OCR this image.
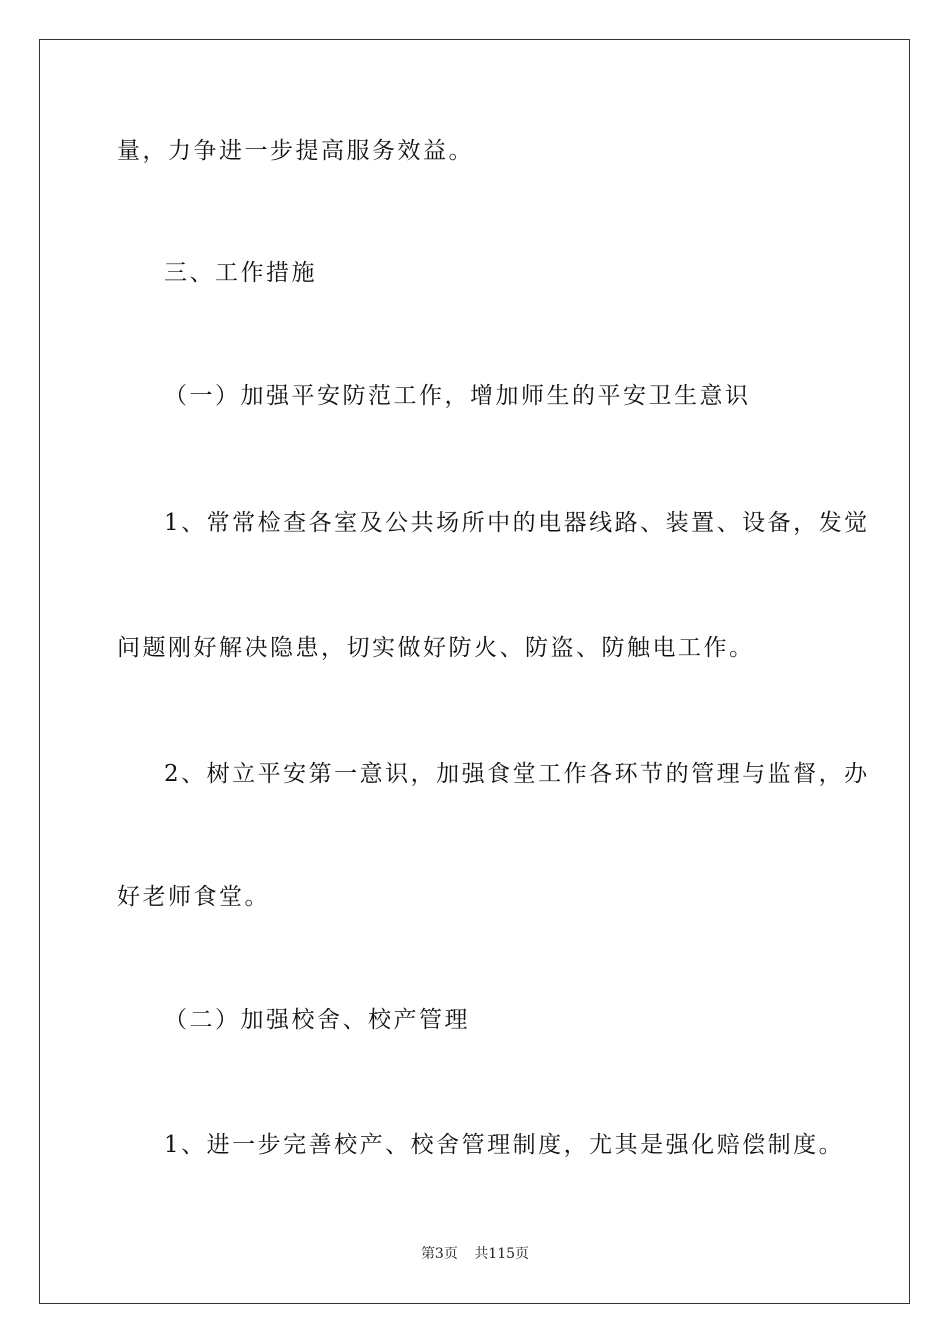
量，力争进一步提高服务效益。
三、工作措施
（一）加强平安防范工作，增加师生的平安卫生意识
1、常常检查各室及公共场所中的电器线路、装置、设备，发觉
问题刚好解决隐患，切实做好防火、防盗、防触电工作。
2、树立平安第一意识，加强食堂工作各环节的管理与监督，办
好老师食堂。
（二）加强校舍、校产管理
1、进一步完善校产、校舍管理制度，尤其是强化赔偿制度。
第3页 共115页
